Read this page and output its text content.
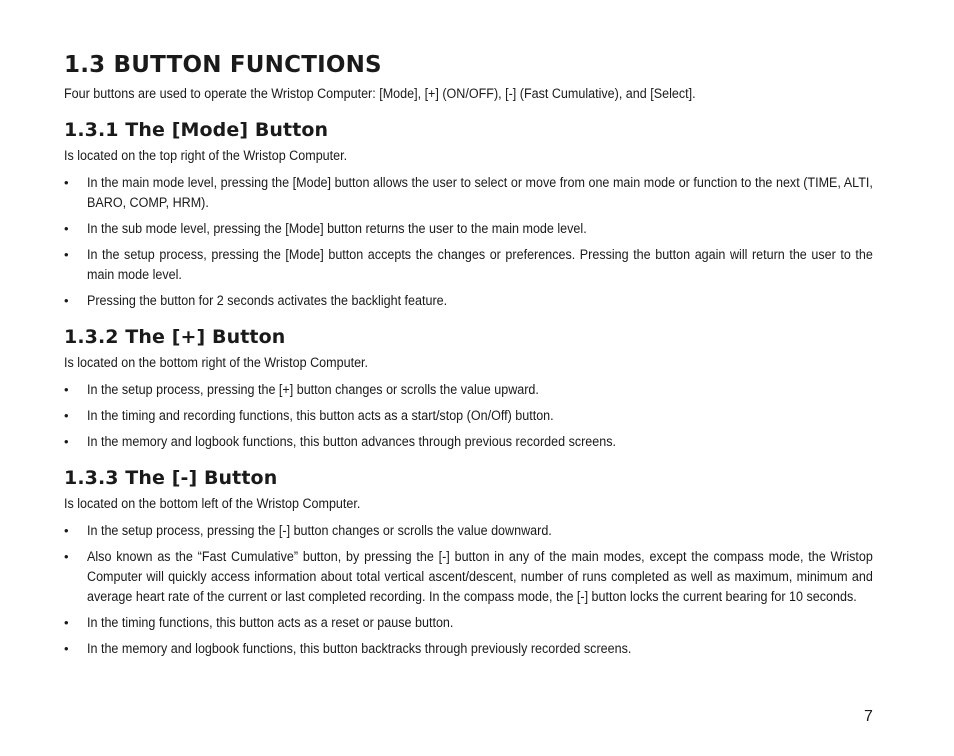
1.3 BUTTON FUNCTIONS

Four buttons are used to operate the Wristop Computer: [Mode], [+] (ON/OFF), [-] (Fast Cumulative), and [Select].

1.3.1 The [Mode] Button

Is located on the top right of the Wristop Computer.

• In the main mode level, pressing the [Mode] button allows the user to select or move from one main mode or function to the next (TIME, ALTI, BARO, COMP, HRM).
• In the sub mode level, pressing the [Mode] button returns the user to the main mode level.
• In the setup process, pressing the [Mode] button accepts the changes or preferences. Pressing the button again will return the user to the main mode level.
• Pressing the button for 2 seconds activates the backlight feature.
1.3.2 The [+] Button

Is located on the bottom right of the Wristop Computer.

• In the setup process, pressing the [+] button changes or scrolls the value upward.
• In the timing and recording functions, this button acts as a start/stop (On/Off) button.
• In the memory and logbook functions, this button advances through previous recorded screens.
1.3.3 The [-] Button

Is located on the bottom left of the Wristop Computer.

• In the setup process, pressing the [-] button changes or scrolls the value downward.
• Also known as the “Fast Cumulative” button, by pressing the [-] button in any of the main modes, except the compass mode, the Wristop Computer will quickly access information about total vertical ascent/descent, number of runs completed as well as maximum, minimum and average heart rate of the current or last completed recording. In the compass mode, the [-] button locks the current bearing for 10 seconds.
• In the timing functions, this button acts as a reset or pause button.
• In the memory and logbook functions, this button backtracks through previously recorded screens.
7
